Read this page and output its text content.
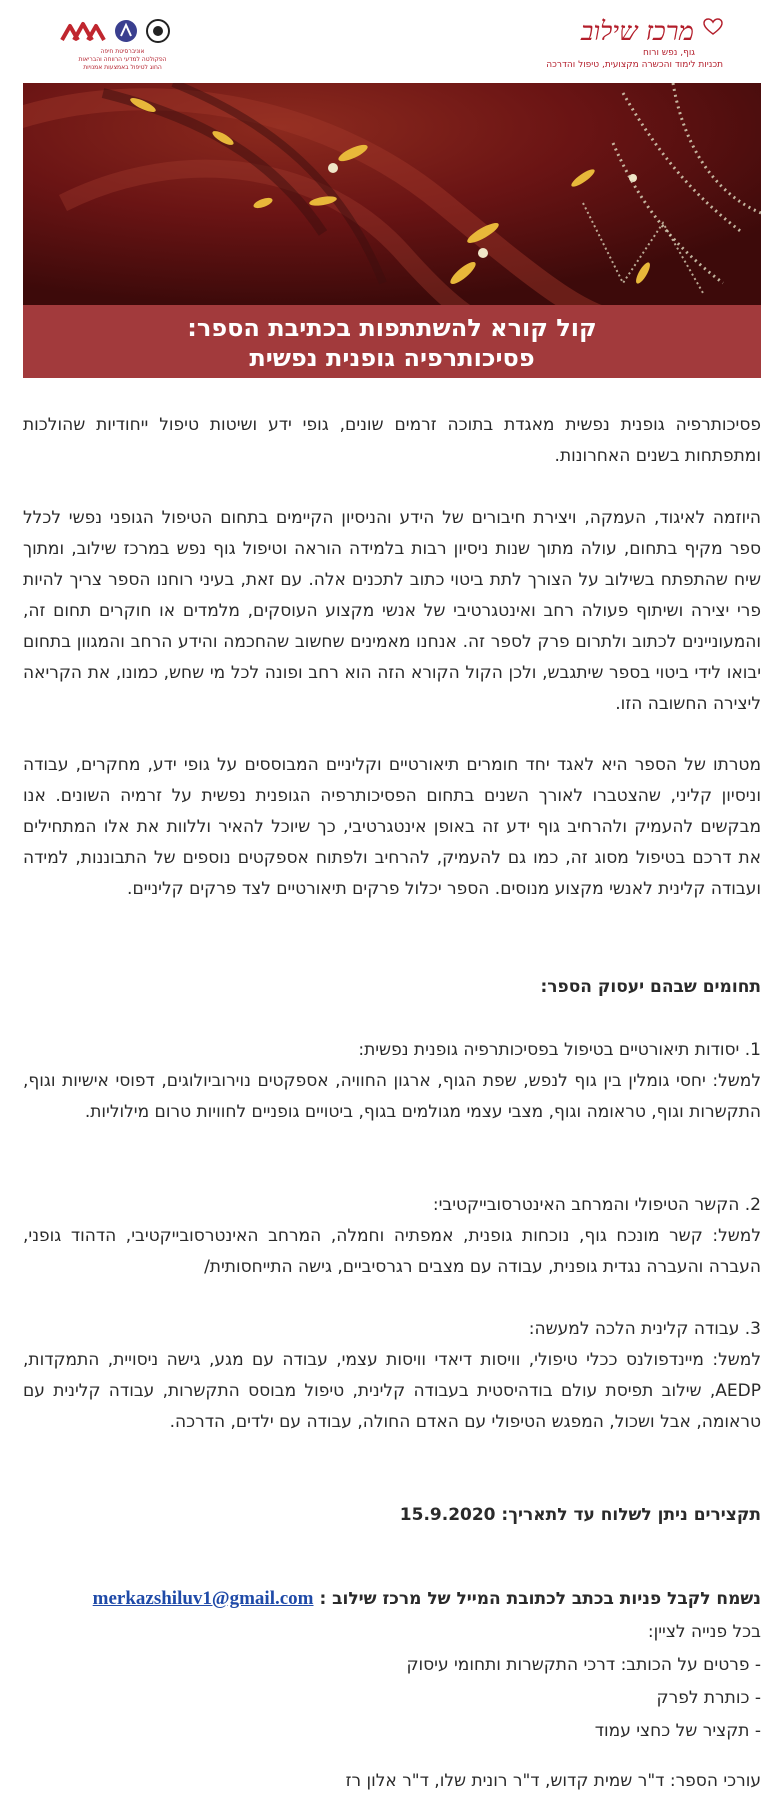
מרכז שילוב
גוף, נפש ורוח
תכניות לימוד והכשרה מקצועית, טיפול והדרכה
אוניברסיטת חיפה
הפקולטה למדעי הרווחה והבריאות
החוג לטיפול באמצעות אמנויות
קול קורא להשתתפות בכתיבת הספר:
פסיכותרפיה גופנית נפשית
פסיכותרפיה גופנית נפשית מאגדת בתוכה זרמים שונים, גופי ידע ושיטות טיפול ייחודיות שהולכות ומתפתחות בשנים האחרונות.
היוזמה לאיגוד, העמקה, ויצירת חיבורים של הידע והניסיון הקיימים בתחום הטיפול הגופני נפשי לכלל ספר מקיף בתחום, עולה מתוך שנות ניסיון רבות בלמידה הוראה וטיפול גוף נפש במרכז שילוב, ומתוך שיח שהתפתח בשילוב על הצורך לתת ביטוי כתוב לתכנים אלה. עם זאת, בעיני רוחנו הספר צריך להיות פרי יצירה ושיתוף פעולה רחב ואינטגרטיבי של אנשי מקצוע העוסקים, מלמדים או חוקרים תחום זה, והמעוניינים לכתוב ולתרום פרק לספר זה. אנחנו מאמינים שחשוב שהחכמה והידע הרחב והמגוון בתחום יבואו לידי ביטוי בספר שיתגבש, ולכן הקול הקורא הזה הוא רחב ופונה לכל מי שחש, כמונו, את הקריאה ליצירה החשובה הזו.
מטרתו של הספר היא לאגד יחד חומרים תיאורטיים וקליניים המבוססים על גופי ידע, מחקרים, עבודה וניסיון קליני, שהצטברו לאורך השנים בתחום הפסיכותרפיה הגופנית נפשית על זרמיה השונים. אנו מבקשים להעמיק ולהרחיב גוף ידע זה באופן אינטגרטיבי, כך שיוכל להאיר וללוות את אלו המתחילים את דרכם בטיפול מסוג זה, כמו גם להעמיק, להרחיב ולפתוח אספקטים נוספים של התבוננות, למידה ועבודה קלינית לאנשי מקצוע מנוסים. הספר יכלול פרקים תיאורטיים לצד פרקים קליניים.
תחומים שבהם יעסוק הספר:
1. יסודות תיאורטיים בטיפול בפסיכותרפיה גופנית נפשית:
למשל: יחסי גומלין בין גוף לנפש, שפת הגוף, ארגון החוויה, אספקטים נוירוביולוגים, דפוסי אישיות וגוף, התקשרות וגוף, טראומה וגוף, מצבי עצמי מגולמים בגוף, ביטויים גופניים לחוויות טרום מילוליות.
2. הקשר הטיפולי והמרחב האינטרסובייקטיבי:
למשל: קשר מונכח גוף, נוכחות גופנית, אמפתיה וחמלה, המרחב האינטרסובייקטיבי, הדהוד גופני, העברה והעברה נגדית גופנית, עבודה עם מצבים רגרסיביים, גישה התייחסותית/
3. עבודה קלינית הלכה למעשה:
למשל: מיינדפולנס ככלי טיפולי, וויסות דיאדי וויסות עצמי, עבודה עם מגע, גישה ניסויית, התמקדות, AEDP, שילוב תפיסת עולם בודהיסטית בעבודה קלינית, טיפול מבוסס התקשרות, עבודה קלינית עם טראומה, אבל ושכול, המפגש הטיפולי עם האדם החולה, עבודה עם ילדים, הדרכה.
תקצירים ניתן לשלוח עד לתאריך: 15.9.2020
נשמח לקבל פניות בכתב לכתובת המייל של מרכז שילוב : merkazshiluv1@gmail.com
בכל פנייה לציין:
- פרטים על הכותב: דרכי התקשרות ותחומי עיסוק
- כותרת לפרק
- תקציר של כחצי עמוד
עורכי הספר: ד"ר שמית קדוש, ד"ר רונית שלו, ד"ר אלון רז
